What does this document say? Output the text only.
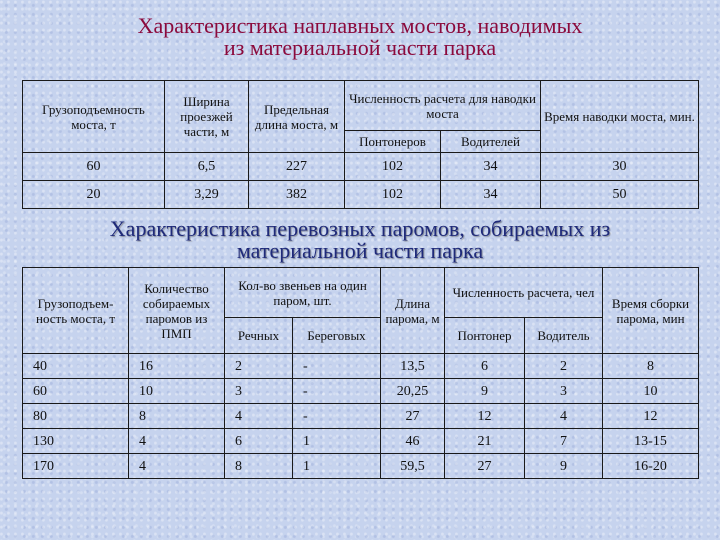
Характеристика наплавных мостов, наводимых
из материальной части парка
Грузоподъемность моста, т	Ширина проезжей части, м	Предельная длина моста, м	Численность расчета для наводки моста		Время наводки моста, мин.
			Понтонеров	Водителей	
60	6,5	227	102	34	30
20	3,29	382	102	34	50
Характеристика перевозных паромов, собираемых из
материальной части парка
Грузоподъем-ность моста, т	Количество собираемых паромов из ПМП	Кол-во звеньев на один паром, шт.		Длина парома, м	Численность расчета, чел		Время сборки парома, мин
		Речных	Береговых		Понтонер	Водитель	
40	16	2	-	13,5	6	2	8
60	10	3	-	20,25	9	3	10
80	8	4	-	27	12	4	12
130	4	6	1	46	21	7	13-15
170	4	8	1	59,5	27	9	16-20
